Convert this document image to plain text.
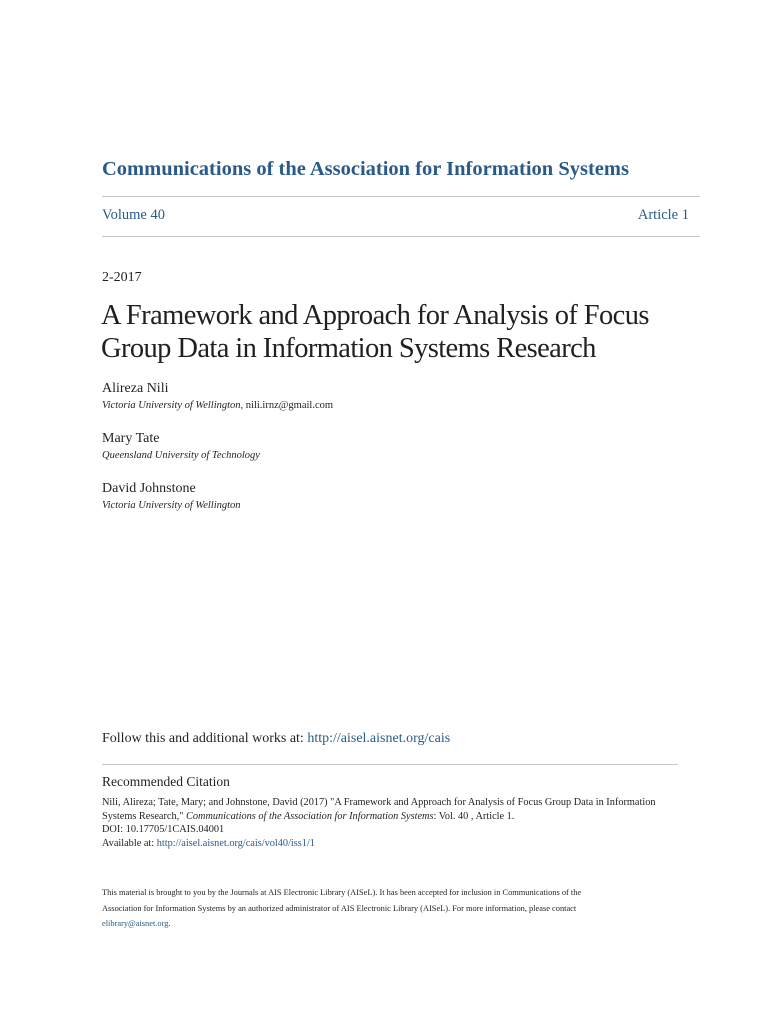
Communications of the Association for Information Systems
Volume 40	Article 1
2-2017
A Framework and Approach for Analysis of Focus Group Data in Information Systems Research
Alireza Nili
Victoria University of Wellington, nili.irnz@gmail.com
Mary Tate
Queensland University of Technology
David Johnstone
Victoria University of Wellington
Follow this and additional works at: http://aisel.aisnet.org/cais
Recommended Citation
Nili, Alireza; Tate, Mary; and Johnstone, David (2017) "A Framework and Approach for Analysis of Focus Group Data in Information
Systems Research," Communications of the Association for Information Systems: Vol. 40 , Article 1.
DOI: 10.17705/1CAIS.04001
Available at: http://aisel.aisnet.org/cais/vol40/iss1/1
This material is brought to you by the Journals at AIS Electronic Library (AISeL). It has been accepted for inclusion in Communications of the
Association for Information Systems by an authorized administrator of AIS Electronic Library (AISeL). For more information, please contact
elibrary@aisnet.org.
